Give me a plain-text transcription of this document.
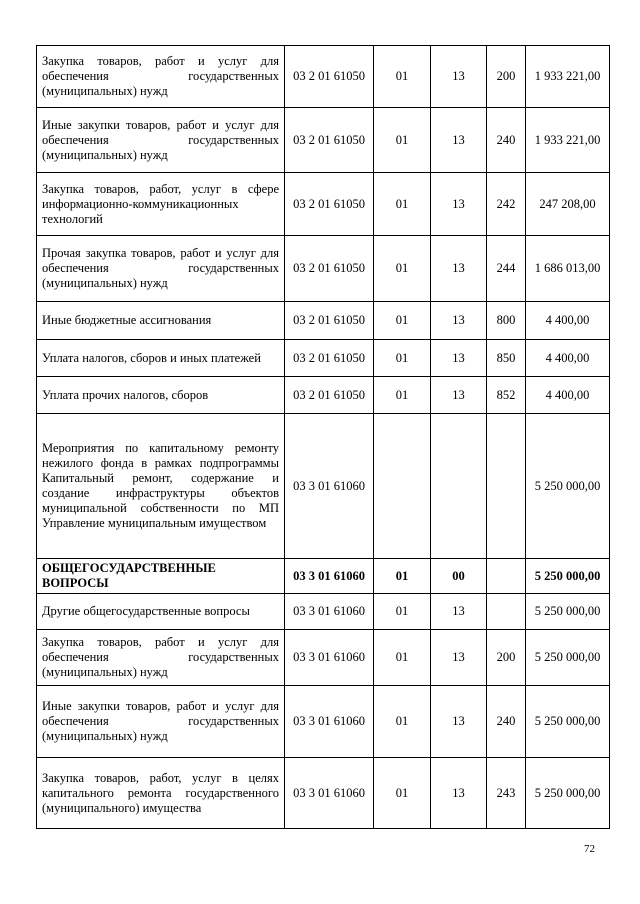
Закупка товаров, работ и услуг для обеспечения государственных (муниципальных) нужд	03 2 01 61050	01	13	200	1 933 221,00
Иные закупки товаров, работ и услуг для обеспечения государственных (муниципальных) нужд	03 2 01 61050	01	13	240	1 933 221,00
Закупка товаров, работ, услуг в сфере информационно-коммуникационных технологий	03 2 01 61050	01	13	242	247 208,00
Прочая закупка товаров, работ и услуг для обеспечения государственных (муниципальных) нужд	03 2 01 61050	01	13	244	1 686 013,00
Иные бюджетные ассигнования	03 2 01 61050	01	13	800	4 400,00
Уплата налогов, сборов и иных платежей	03 2 01 61050	01	13	850	4 400,00
Уплата прочих налогов, сборов	03 2 01 61050	01	13	852	4 400,00
Мероприятия по капитальному ремонту нежилого фонда в рамках подпрограммы Капитальный ремонт, содержание и создание инфраструктуры объектов муниципальной собственности по МП Управление муниципальным имуществом	03 3 01 61060				5 250 000,00
ОБЩЕГОСУДАРСТВЕННЫЕ ВОПРОСЫ	03 3 01 61060	01	00		5 250 000,00
Другие общегосударственные вопросы	03 3 01 61060	01	13		5 250 000,00
Закупка товаров, работ и услуг для обеспечения государственных (муниципальных) нужд	03 3 01 61060	01	13	200	5 250 000,00
Иные закупки товаров, работ и услуг для обеспечения государственных (муниципальных) нужд	03 3 01 61060	01	13	240	5 250 000,00
Закупка товаров, работ, услуг в целях капитального ремонта государственного (муниципального) имущества	03 3 01 61060	01	13	243	5 250 000,00
72
